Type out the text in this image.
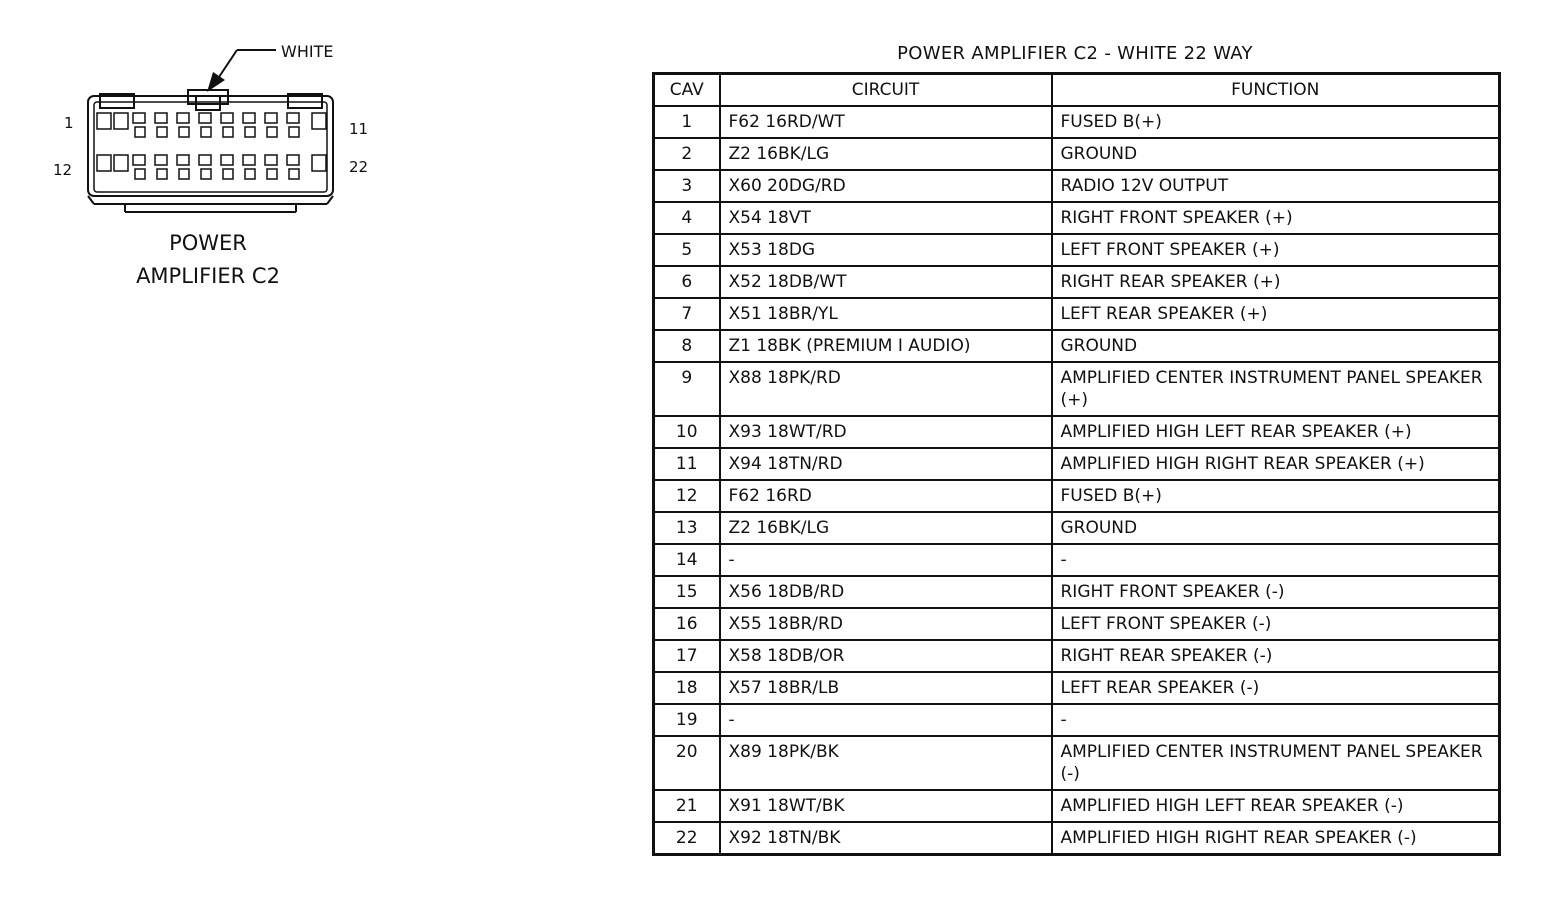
WHITE
1
12
11
22
POWER
AMPLIFIER C2
POWER AMPLIFIER C2 - WHITE 22 WAY
CAV	CIRCUIT	FUNCTION
1	F62 16RD/WT	FUSED B(+)
2	Z2 16BK/LG	GROUND
3	X60 20DG/RD	RADIO 12V OUTPUT
4	X54 18VT	RIGHT FRONT SPEAKER (+)
5	X53 18DG	LEFT FRONT SPEAKER (+)
6	X52 18DB/WT	RIGHT REAR SPEAKER (+)
7	X51 18BR/YL	LEFT REAR SPEAKER (+)
8	Z1 18BK (PREMIUM I AUDIO)	GROUND
9	X88 18PK/RD	AMPLIFIED CENTER INSTRUMENT PANEL SPEAKER (+)
10	X93 18WT/RD	AMPLIFIED HIGH LEFT REAR SPEAKER (+)
11	X94 18TN/RD	AMPLIFIED HIGH RIGHT REAR SPEAKER (+)
12	F62 16RD	FUSED B(+)
13	Z2 16BK/LG	GROUND
14	-	-
15	X56 18DB/RD	RIGHT FRONT SPEAKER (-)
16	X55 18BR/RD	LEFT FRONT SPEAKER (-)
17	X58 18DB/OR	RIGHT REAR SPEAKER (-)
18	X57 18BR/LB	LEFT REAR SPEAKER (-)
19	-	-
20	X89 18PK/BK	AMPLIFIED CENTER INSTRUMENT PANEL SPEAKER (-)
21	X91 18WT/BK	AMPLIFIED HIGH LEFT REAR SPEAKER (-)
22	X92 18TN/BK	AMPLIFIED HIGH RIGHT REAR SPEAKER (-)
